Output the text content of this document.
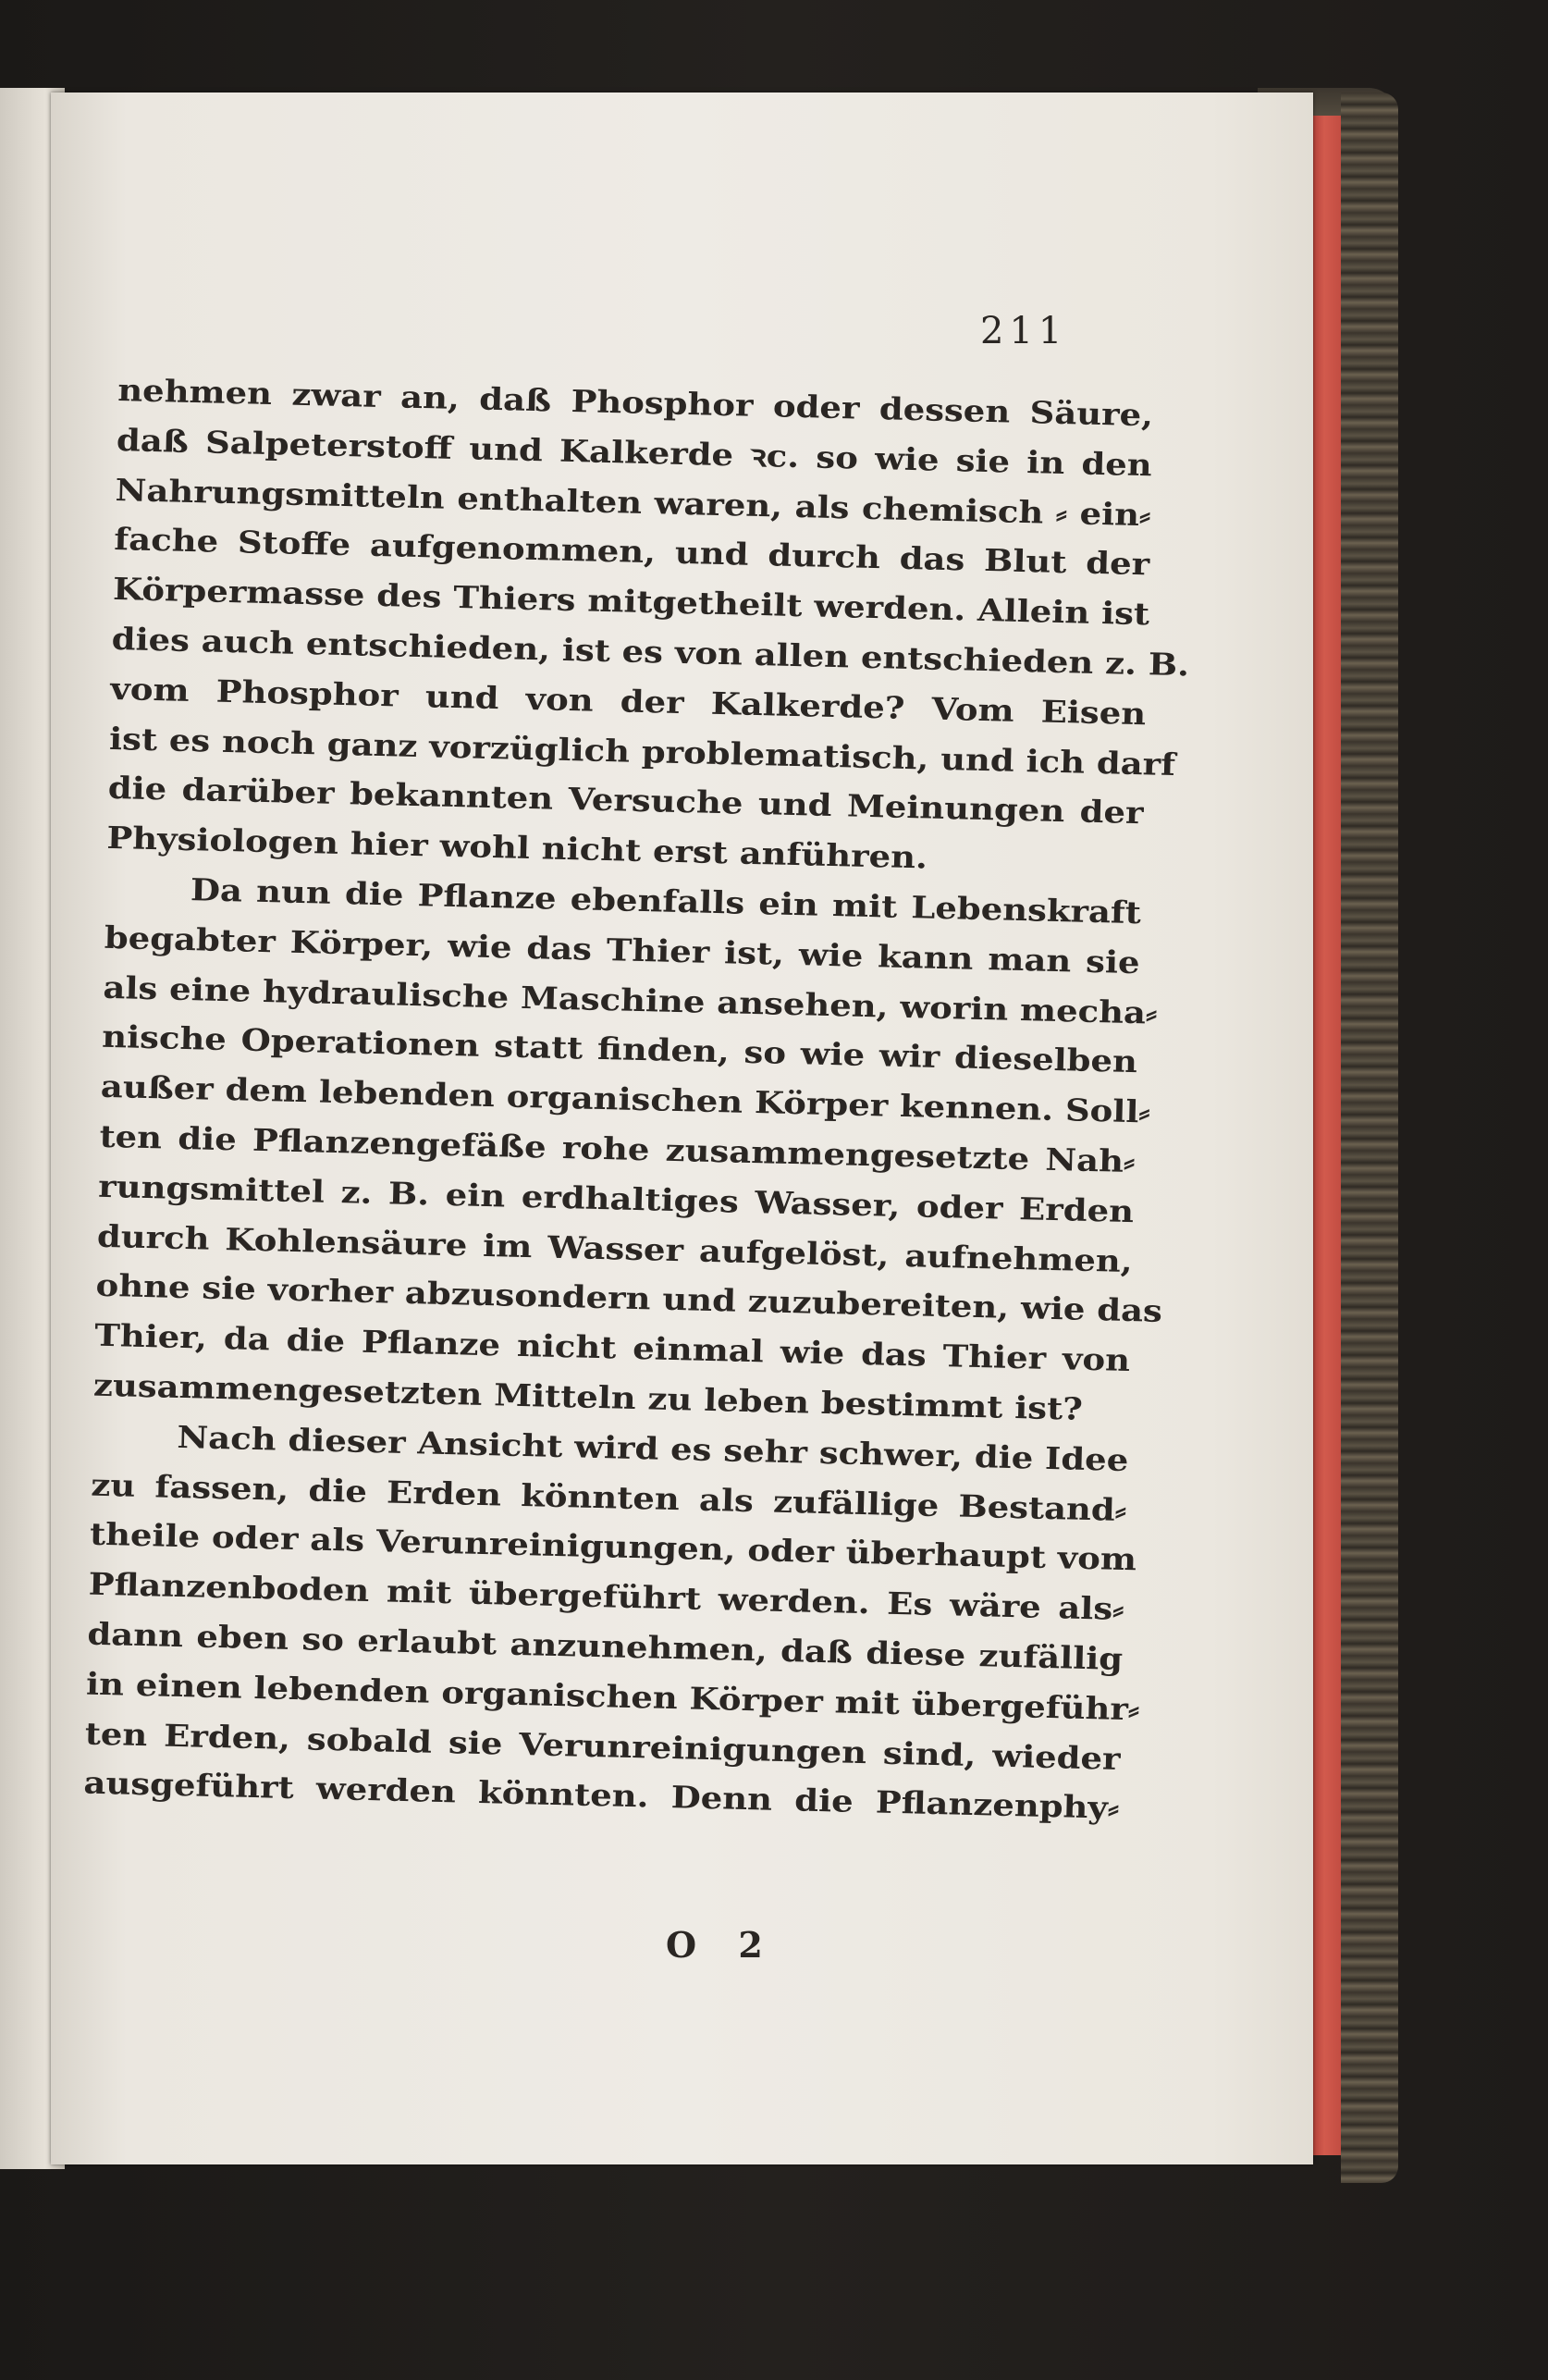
211
nehmen zwar an, daß Phosphor oder dessen Säure,
daß Salpeterstoff und Kalkerde ꝛc. so wie sie in den
Nahrungsmitteln enthalten waren, als chemisch ⸗ ein⸗
fache Stoffe aufgenommen, und durch das Blut der
Körpermasse des Thiers mitgetheilt werden. Allein ist
dies auch entschieden, ist es von allen entschieden z. B.
vom Phosphor und von der Kalkerde? Vom Eisen
ist es noch ganz vorzüglich problematisch, und ich darf
die darüber bekannten Versuche und Meinungen der
Physiologen hier wohl nicht erst anführen.
Da nun die Pflanze ebenfalls ein mit Lebenskraft
begabter Körper, wie das Thier ist, wie kann man sie
als eine hydraulische Maschine ansehen, worin mecha⸗
nische Operationen statt finden, so wie wir dieselben
außer dem lebenden organischen Körper kennen. Soll⸗
ten die Pflanzengefäße rohe zusammengesetzte Nah⸗
rungsmittel z. B. ein erdhaltiges Wasser, oder Erden
durch Kohlensäure im Wasser aufgelöst, aufnehmen,
ohne sie vorher abzusondern und zuzubereiten, wie das
Thier, da die Pflanze nicht einmal wie das Thier von
zusammengesetzten Mitteln zu leben bestimmt ist?
Nach dieser Ansicht wird es sehr schwer, die Idee
zu fassen, die Erden könnten als zufällige Bestand⸗
theile oder als Verunreinigungen, oder überhaupt vom
Pflanzenboden mit übergeführt werden. Es wäre als⸗
dann eben so erlaubt anzunehmen, daß diese zufällig
in einen lebenden organischen Körper mit übergeführ⸗
ten Erden, sobald sie Verunreinigungen sind, wieder
ausgeführt werden könnten. Denn die Pflanzenphy⸗
O 2
